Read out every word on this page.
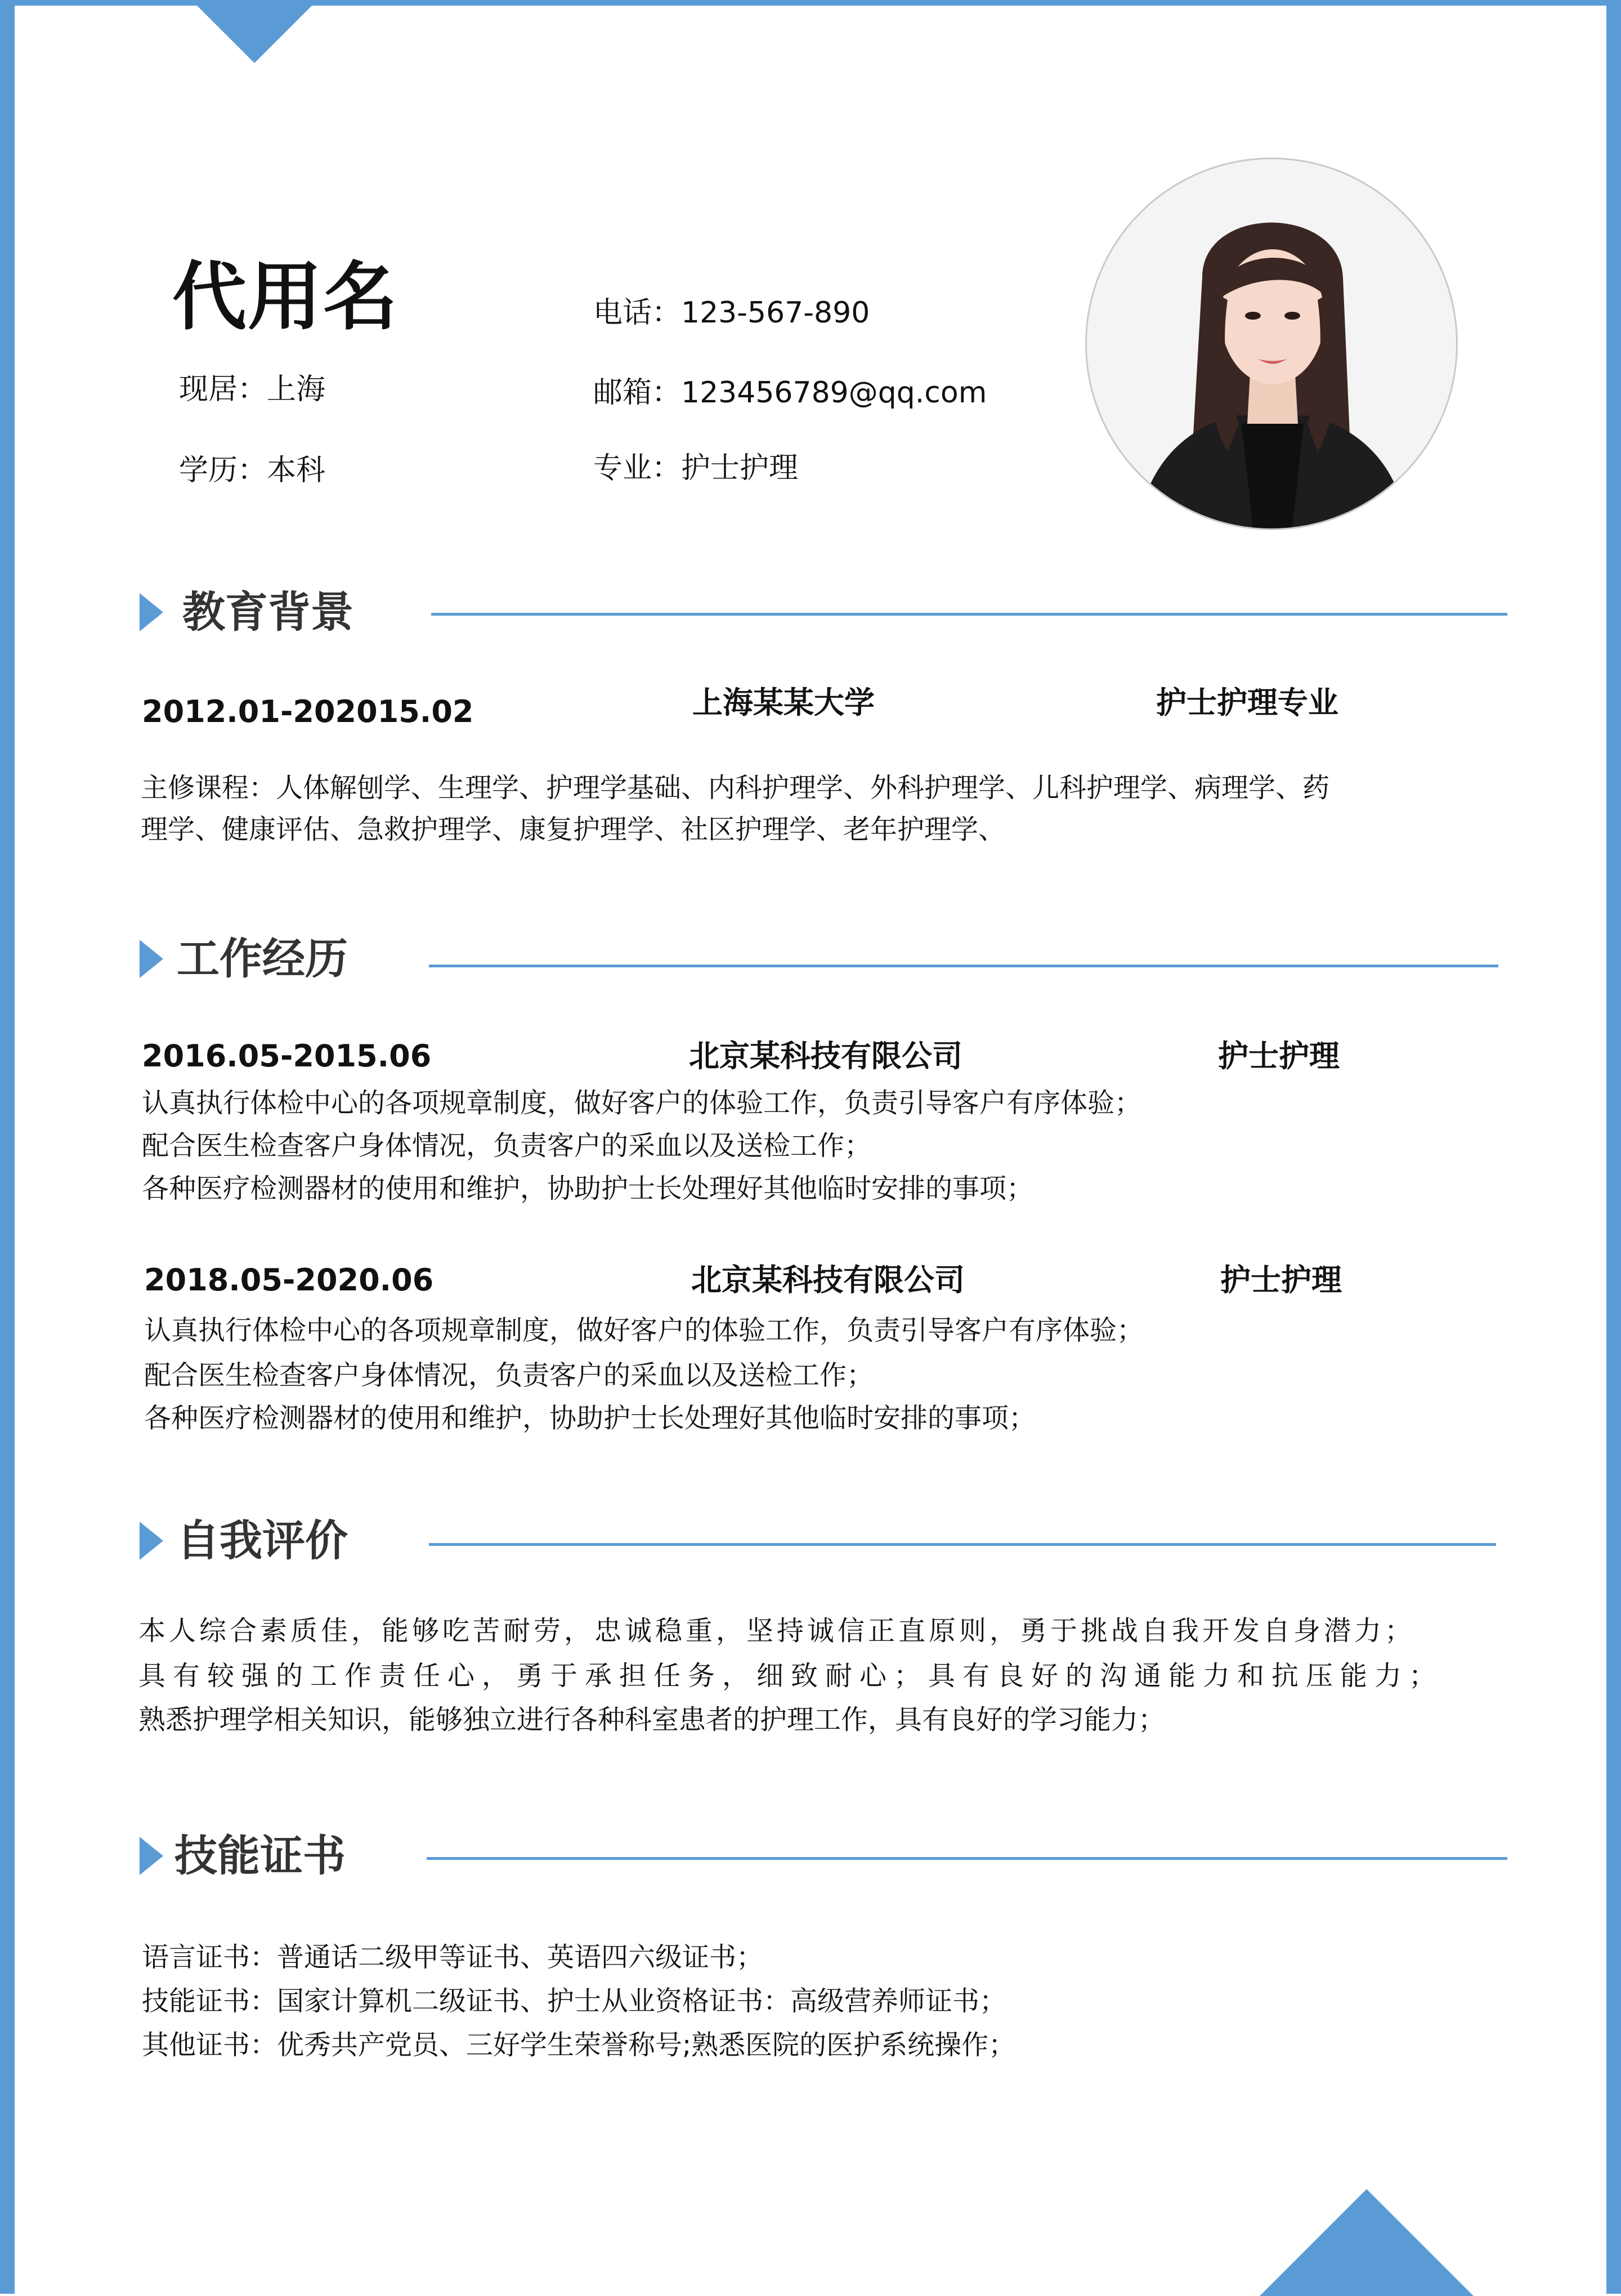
代用名
现居：上海
学历：本科
电话：123-567-890
邮箱：123456789@qq.com
专业：护士护理
教育背景
2012.01-202015.02	上海某某大学	护士护理专业
主修课程：人体解刨学、生理学、护理学基础、内科护理学、外科护理学、儿科护理学、病理学、药
理学、健康评估、急救护理学、康复护理学、社区护理学、老年护理学、
工作经历
2016.05-2015.06	北京某科技有限公司	护士护理
认真执行体检中心的各项规章制度，做好客户的体验工作，负责引导客户有序体验；
配合医生检查客户身体情况，负责客户的采血以及送检工作；
各种医疗检测器材的使用和维护，协助护士长处理好其他临时安排的事项；
2018.05-2020.06	北京某科技有限公司	护士护理
认真执行体检中心的各项规章制度，做好客户的体验工作，负责引导客户有序体验；
配合医生检查客户身体情况，负责客户的采血以及送检工作；
各种医疗检测器材的使用和维护，协助护士长处理好其他临时安排的事项；
自我评价
本人综合素质佳，能够吃苦耐劳，忠诚稳重，坚持诚信正直原则，勇于挑战自我开发自身潜力；
具有较强的工作责任心，勇于承担任务，细致耐心；具有良好的沟通能力和抗压能力；
熟悉护理学相关知识，能够独立进行各种科室患者的护理工作，具有良好的学习能力；
技能证书
语言证书：普通话二级甲等证书、英语四六级证书；
技能证书：国家计算机二级证书、护士从业资格证书：高级营养师证书；
其他证书：优秀共产党员、三好学生荣誉称号;熟悉医院的医护系统操作；
